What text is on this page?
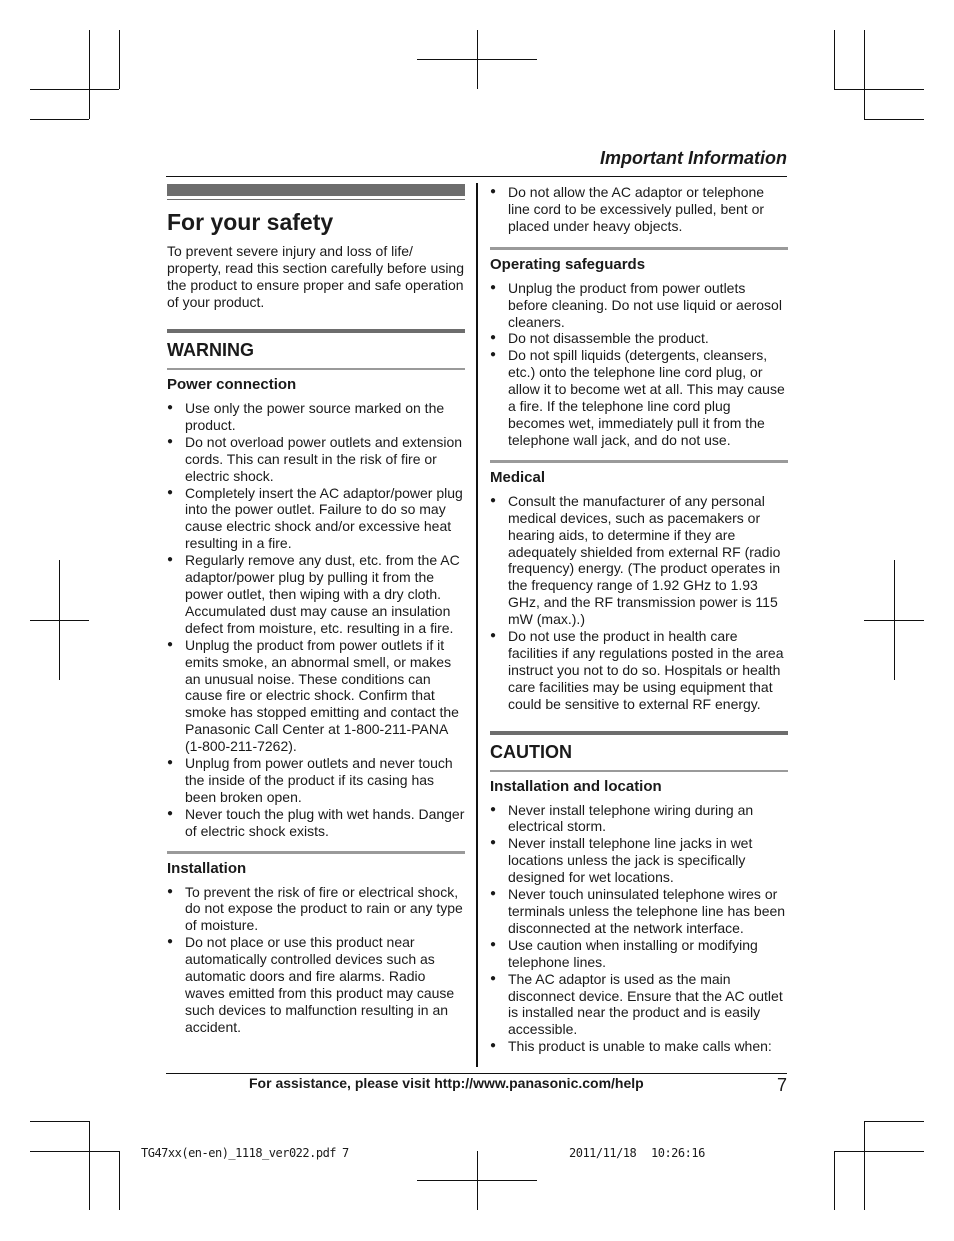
Important Information
For your safety

To prevent severe injury and loss of life/ property, read this section carefully before using the product to ensure proper and safe operation of your product.

WARNING
Power connection
● Use only the power source marked on the product.
● Do not overload power outlets and extension cords. This can result in the risk of fire or electric shock.
● Completely insert the AC adaptor/power plug into the power outlet. Failure to do so may cause electric shock and/or excessive heat resulting in a fire.
● Regularly remove any dust, etc. from the AC adaptor/power plug by pulling it from the power outlet, then wiping with a dry cloth. Accumulated dust may cause an insulation defect from moisture, etc. resulting in a fire.
● Unplug the product from power outlets if it emits smoke, an abnormal smell, or makes an unusual noise. These conditions can cause fire or electric shock. Confirm that smoke has stopped emitting and contact the Panasonic Call Center at 1-800-211-PANA (1-800-211-7262).
● Unplug from power outlets and never touch the inside of the product if its casing has been broken open.
● Never touch the plug with wet hands. Danger of electric shock exists.
Installation
● To prevent the risk of fire or electrical shock, do not expose the product to rain or any type of moisture.
● Do not place or use this product near automatically controlled devices such as automatic doors and fire alarms. Radio waves emitted from this product may cause such devices to malfunction resulting in an accident.
● Do not allow the AC adaptor or telephone line cord to be excessively pulled, bent or placed under heavy objects.
Operating safeguards
● Unplug the product from power outlets before cleaning. Do not use liquid or aerosol cleaners.
● Do not disassemble the product.
● Do not spill liquids (detergents, cleansers, etc.) onto the telephone line cord plug, or allow it to become wet at all. This may cause a fire. If the telephone line cord plug becomes wet, immediately pull it from the telephone wall jack, and do not use.
Medical
● Consult the manufacturer of any personal medical devices, such as pacemakers or hearing aids, to determine if they are adequately shielded from external RF (radio frequency) energy. (The product operates in the frequency range of 1.92 GHz to 1.93 GHz, and the RF transmission power is 115 mW (max.).)
● Do not use the product in health care facilities if any regulations posted in the area instruct you not to do so. Hospitals or health care facilities may be using equipment that could be sensitive to external RF energy.
CAUTION
Installation and location
● Never install telephone wiring during an electrical storm.
● Never install telephone line jacks in wet locations unless the jack is specifically designed for wet locations.
● Never touch uninsulated telephone wires or terminals unless the telephone line has been disconnected at the network interface.
● Use caution when installing or modifying telephone lines.
● The AC adaptor is used as the main disconnect device. Ensure that the AC outlet is installed near the product and is easily accessible.
● This product is unable to make calls when:
For assistance, please visit http://www.panasonic.com/help	7
TG47xx(en-en)_1118_ver022.pdf 7	2011/11/18 10:26:16
